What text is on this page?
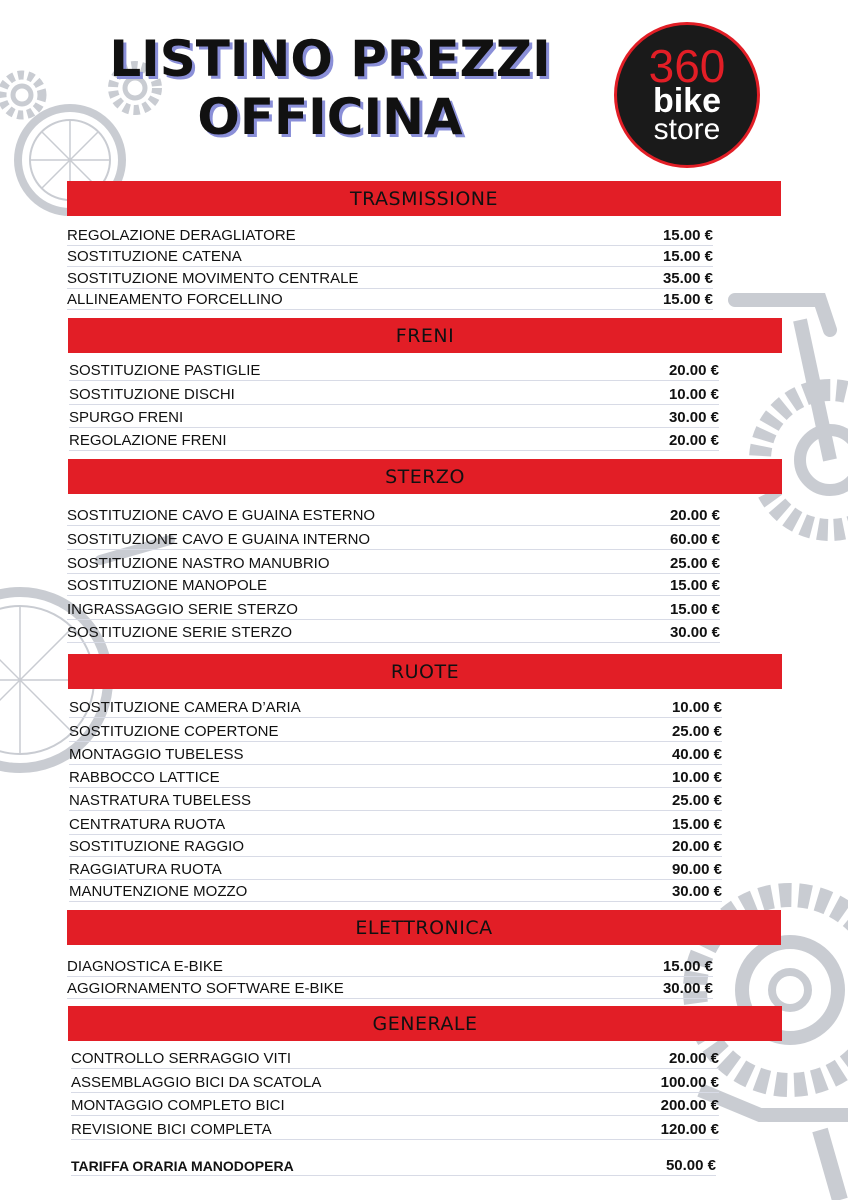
LISTINO PREZZI
OFFICINA
360
bike
store
TRASMISSIONE
REGOLAZIONE DERAGLIATORE	15.00 €
SOSTITUZIONE CATENA	15.00 €
SOSTITUZIONE MOVIMENTO CENTRALE	35.00 €
ALLINEAMENTO FORCELLINO	15.00 €
FRENI
SOSTITUZIONE PASTIGLIE	20.00 €
SOSTITUZIONE DISCHI	10.00 €
SPURGO FRENI	30.00 €
REGOLAZIONE FRENI	20.00 €
STERZO
SOSTITUZIONE CAVO E GUAINA ESTERNO	20.00 €
SOSTITUZIONE CAVO E GUAINA INTERNO	60.00 €
SOSTITUZIONE NASTRO MANUBRIO	25.00 €
SOSTITUZIONE MANOPOLE	15.00 €
INGRASSAGGIO SERIE STERZO	15.00 €
SOSTITUZIONE SERIE STERZO	30.00 €
RUOTE
SOSTITUZIONE CAMERA D’ARIA	10.00 €
SOSTITUZIONE COPERTONE	25.00 €
MONTAGGIO TUBELESS	40.00 €
RABBOCCO LATTICE	10.00 €
NASTRATURA TUBELESS	25.00 €
CENTRATURA RUOTA	15.00 €
SOSTITUZIONE RAGGIO	20.00 €
RAGGIATURA RUOTA	90.00 €
MANUTENZIONE MOZZO	30.00 €
ELETTRONICA
DIAGNOSTICA E-BIKE	15.00 €
AGGIORNAMENTO SOFTWARE E-BIKE	30.00 €
GENERALE
CONTROLLO SERRAGGIO VITI	20.00 €
ASSEMBLAGGIO BICI DA SCATOLA	100.00 €
MONTAGGIO COMPLETO BICI	200.00 €
REVISIONE BICI COMPLETA	120.00 €
TARIFFA ORARIA MANODOPERA	50.00 €
